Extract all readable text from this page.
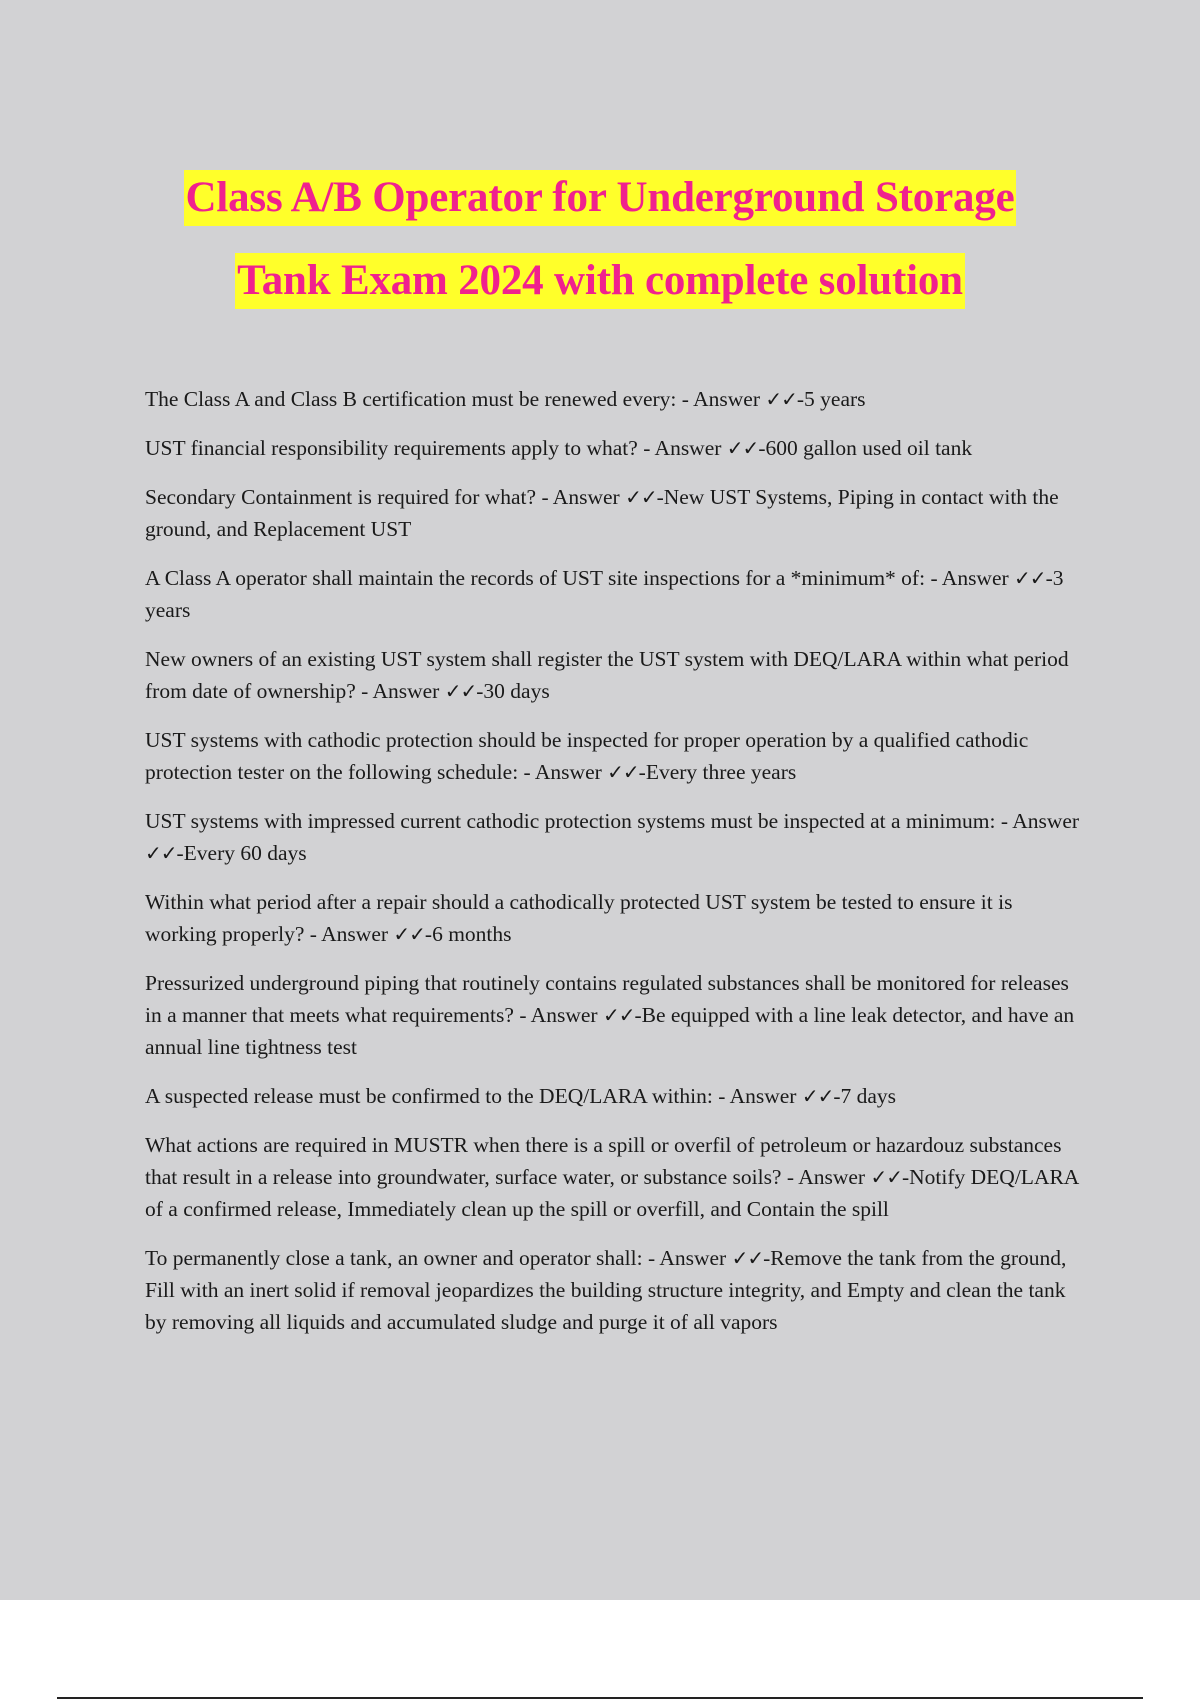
Class A/B Operator for Underground Storage
Tank Exam 2024 with complete solution

The Class A and Class B certification must be renewed every: - Answer ✓✓-5 years

UST financial responsibility requirements apply to what? - Answer ✓✓-600 gallon used oil tank

Secondary Containment is required for what? - Answer ✓✓-New UST Systems, Piping in contact with the ground, and Replacement UST

A Class A operator shall maintain the records of UST site inspections for a *minimum* of: - Answer ✓✓-3 years

New owners of an existing UST system shall register the UST system with DEQ/LARA within what period from date of ownership? - Answer ✓✓-30 days

UST systems with cathodic protection should be inspected for proper operation by a qualified cathodic protection tester on the following schedule: - Answer ✓✓-Every three years

UST systems with impressed current cathodic protection systems must be inspected at a minimum: - Answer ✓✓-Every 60 days

Within what period after a repair should a cathodically protected UST system be tested to ensure it is working properly? - Answer ✓✓-6 months

Pressurized underground piping that routinely contains regulated substances shall be monitored for releases in a manner that meets what requirements? - Answer ✓✓-Be equipped with a line leak detector, and have an annual line tightness test

A suspected release must be confirmed to the DEQ/LARA within: - Answer ✓✓-7 days

What actions are required in MUSTR when there is a spill or overfil of petroleum or hazardouz substances that result in a release into groundwater, surface water, or substance soils? - Answer ✓✓-Notify DEQ/LARA of a confirmed release, Immediately clean up the spill or overfill, and Contain the spill

To permanently close a tank, an owner and operator shall: - Answer ✓✓-Remove the tank from the ground, Fill with an inert solid if removal jeopardizes the building structure integrity, and Empty and clean the tank by removing all liquids and accumulated sludge and purge it of all vapors
